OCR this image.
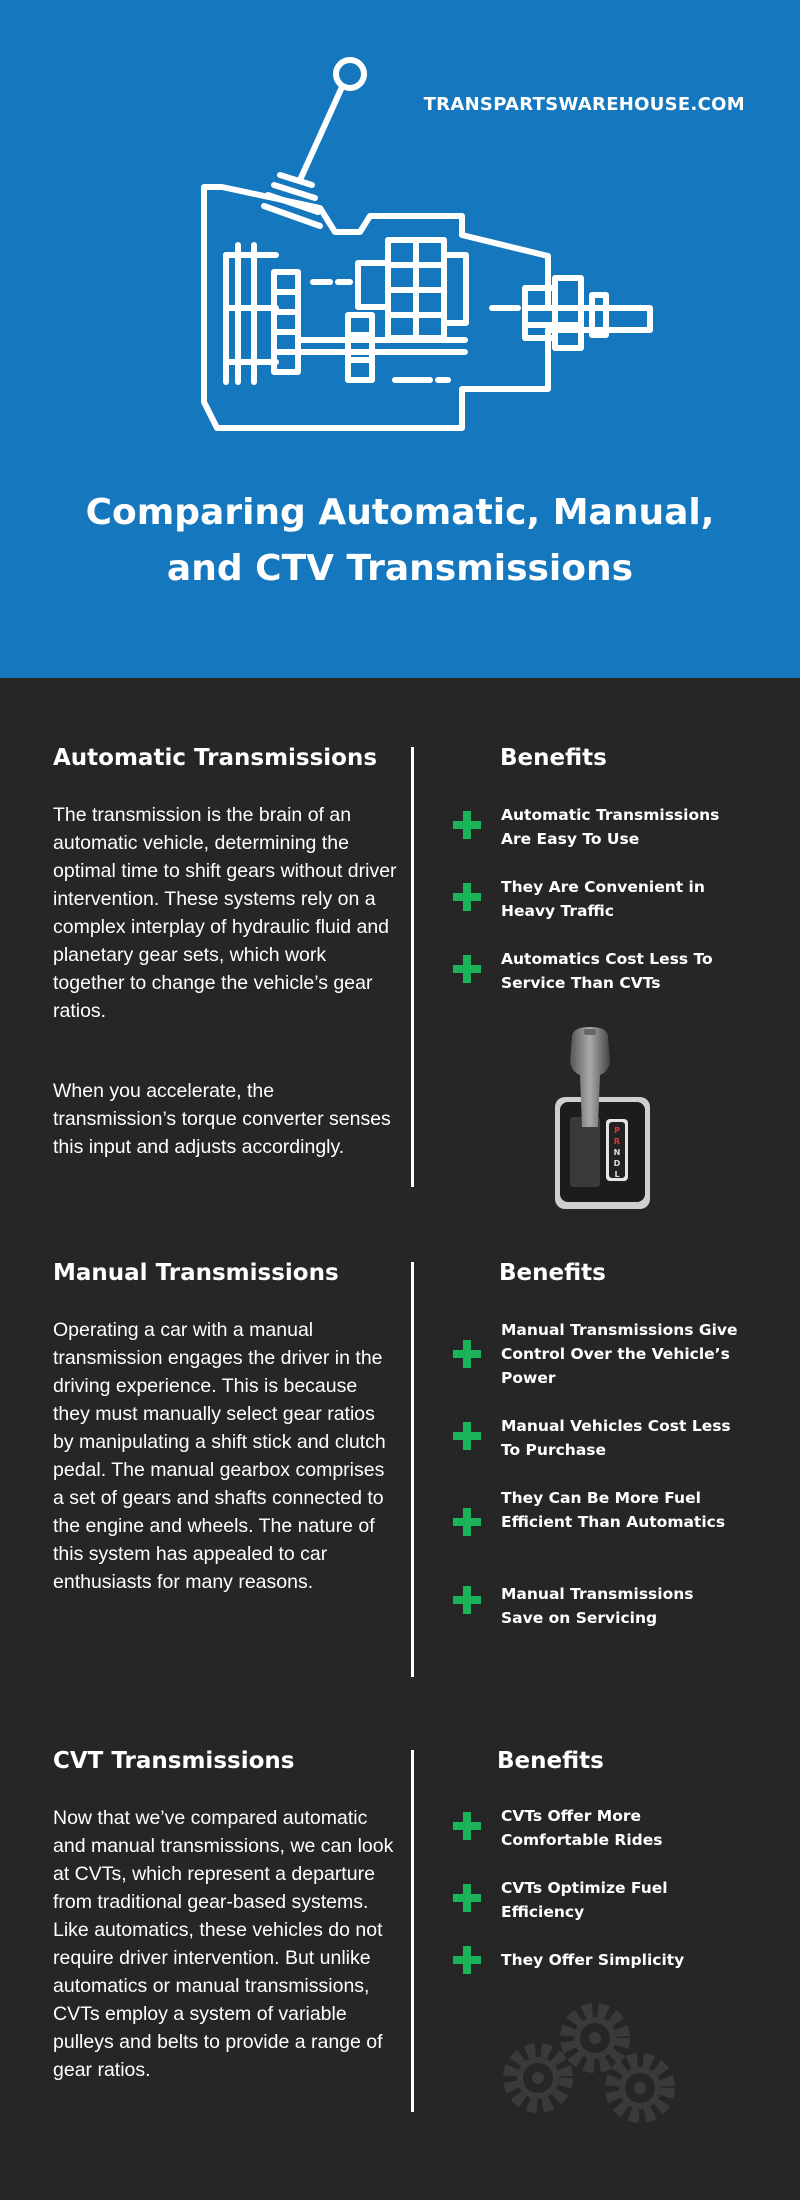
TRANSPARTSWAREHOUSE.COM
Comparing Automatic, Manual,
and CTV Transmissions
Automatic Transmissions

The transmission is the brain of an automatic vehicle, determining the optimal time to shift gears without driver intervention. These systems rely on a complex interplay of hydraulic fluid and planetary gear sets, which work together to change the vehicle’s gear ratios.

When you accelerate, the transmission’s torque converter senses this input and adjusts accordingly.

Benefits
Automatic Transmissions Are Easy To Use
They Are Convenient in Heavy Traffic
Automatics Cost Less To Service Than CVTs
P
R
N
D
L
Manual Transmissions

Operating a car with a manual transmission engages the driver in the driving experience. This is because they must manually select gear ratios by manipulating a shift stick and clutch pedal. The manual gearbox comprises a set of gears and shafts connected to the engine and wheels. The nature of this system has appealed to car enthusiasts for many reasons.

Benefits
Manual Transmissions Give Control Over the Vehicle’s Power
Manual Vehicles Cost Less To Purchase
They Can Be More Fuel Efficient Than Automatics
Manual Transmissions Save on Servicing
CVT Transmissions

Now that we’ve compared automatic and manual transmissions, we can look at CVTs, which represent a departure from traditional gear-based systems. Like automatics, these vehicles do not require driver intervention. But unlike automatics or manual transmissions, CVTs employ a system of variable pulleys and belts to provide a range of gear ratios.

Benefits
CVTs Offer More Comfortable Rides
CVTs Optimize Fuel Efficiency
They Offer Simplicity
